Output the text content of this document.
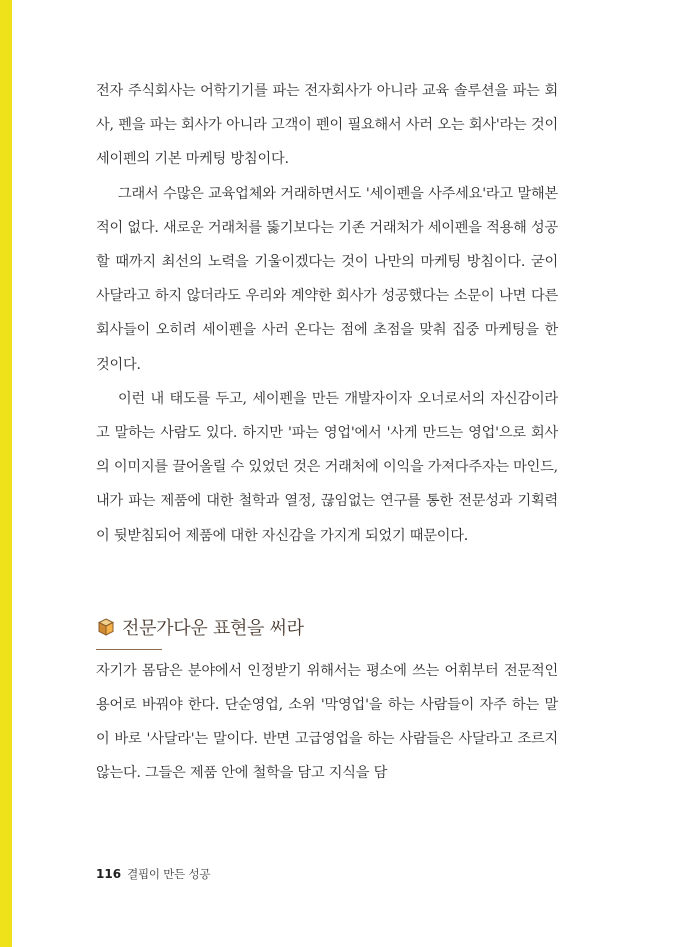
전자 주식회사는 어학기기를 파는 전자회사가 아니라 교육 솔루션을 파는 회사, 펜을 파는 회사가 아니라 고객이 펜이 필요해서 사러 오는 회사'라는 것이 세이펜의 기본 마케팅 방침이다.

그래서 수많은 교육업체와 거래하면서도 '세이펜을 사주세요'라고 말해본 적이 없다. 새로운 거래처를 뚫기보다는 기존 거래처가 세이펜을 적용해 성공할 때까지 최선의 노력을 기울이겠다는 것이 나만의 마케팅 방침이다. 굳이 사달라고 하지 않더라도 우리와 계약한 회사가 성공했다는 소문이 나면 다른 회사들이 오히려 세이펜을 사러 온다는 점에 초점을 맞춰 집중 마케팅을 한 것이다.

이런 내 태도를 두고, 세이펜을 만든 개발자이자 오너로서의 자신감이라고 말하는 사람도 있다. 하지만 '파는 영업'에서 '사게 만드는 영업'으로 회사의 이미지를 끌어올릴 수 있었던 것은 거래처에 이익을 가져다주자는 마인드, 내가 파는 제품에 대한 철학과 열정, 끊임없는 연구를 통한 전문성과 기획력이 뒷받침되어 제품에 대한 자신감을 가지게 되었기 때문이다.

전문가다운 표현을 써라

자기가 몸담은 분야에서 인정받기 위해서는 평소에 쓰는 어휘부터 전문적인 용어로 바꿔야 한다. 단순영업, 소위 '막영업'을 하는 사람들이 자주 하는 말이 바로 '사달라'는 말이다. 반면 고급영업을 하는 사람들은 사달라고 조르지 않는다. 그들은 제품 안에 철학을 담고 지식을 담

116 결핍이 만든 성공
